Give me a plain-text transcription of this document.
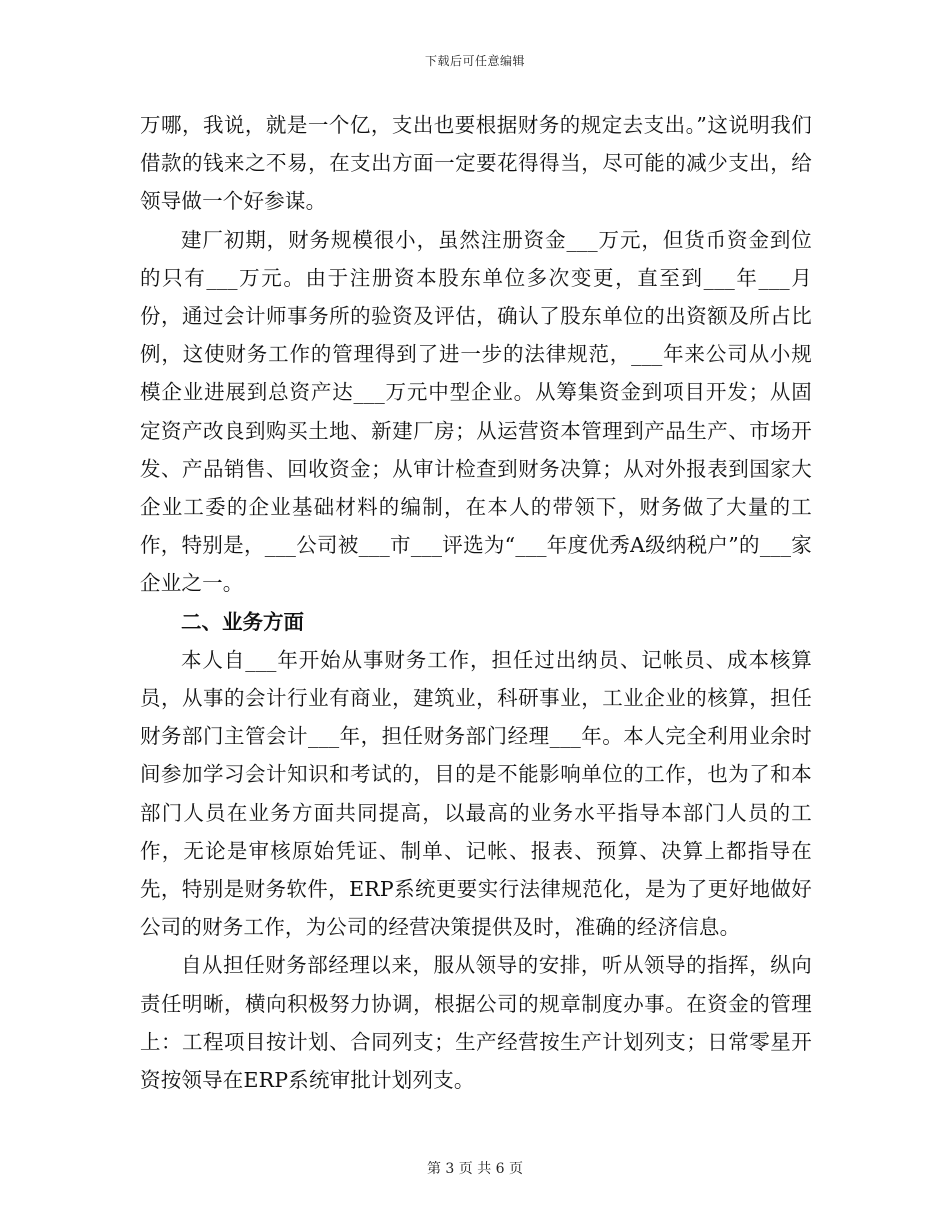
下载后可任意编辑

万哪，我说，就是一个亿，支出也要根据财务的规定去支出。”这说明我们借款的钱来之不易，在支出方面一定要花得得当，尽可能的减少支出，给领导做一个好参谋。

建厂初期，财务规模很小，虽然注册资金___万元，但货币资金到位的只有___万元。由于注册资本股东单位多次变更，直至到___年___月份，通过会计师事务所的验资及评估，确认了股东单位的出资额及所占比例，这使财务工作的管理得到了进一步的法律规范，___年来公司从小规模企业进展到总资产达___万元中型企业。从筹集资金到项目开发；从固定资产改良到购买土地、新建厂房；从运营资本管理到产品生产、市场开发、产品销售、回收资金；从审计检查到财务决算；从对外报表到国家大企业工委的企业基础材料的编制，在本人的带领下，财务做了大量的工作，特别是，___公司被___市___评选为“___年度优秀A级纳税户”的___家企业之一。

二、业务方面

本人自___年开始从事财务工作，担任过出纳员、记帐员、成本核算员，从事的会计行业有商业，建筑业，科研事业，工业企业的核算，担任财务部门主管会计___年，担任财务部门经理___年。本人完全利用业余时间参加学习会计知识和考试的，目的是不能影响单位的工作，也为了和本部门人员在业务方面共同提高，以最高的业务水平指导本部门人员的工作，无论是审核原始凭证、制单、记帐、报表、预算、决算上都指导在先，特别是财务软件，ERP系统更要实行法律规范化，是为了更好地做好公司的财务工作，为公司的经营决策提供及时，准确的经济信息。

自从担任财务部经理以来，服从领导的安排，听从领导的指挥，纵向责任明晰，横向积极努力协调，根据公司的规章制度办事。在资金的管理上：工程项目按计划、合同列支；生产经营按生产计划列支；日常零星开资按领导在ERP系统审批计划列支。

第 3 页 共 6 页
